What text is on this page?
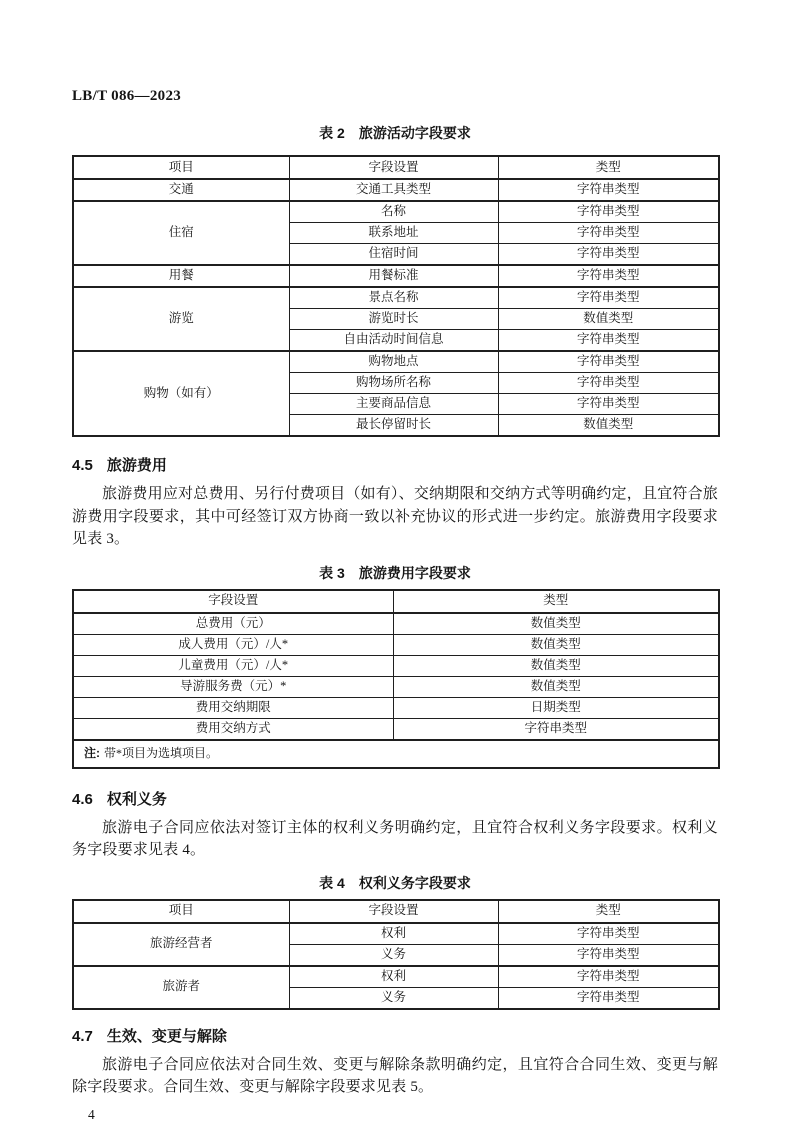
LB/T 086—2023
表 2 旅游活动字段要求
项目	字段设置	类型
交通	交通工具类型	字符串类型
住宿	名称	字符串类型
	联系地址	字符串类型
	住宿时间	字符串类型
用餐	用餐标准	字符串类型
游览	景点名称	字符串类型
	游览时长	数值类型
	自由活动时间信息	字符串类型
购物（如有）	购物地点	字符串类型
	购物场所名称	字符串类型
	主要商品信息	字符串类型
	最长停留时长	数值类型
4.5 旅游费用

旅游费用应对总费用、另行付费项目（如有）、交纳期限和交纳方式等明确约定，且宜符合旅游费用字段要求，其中可经签订双方协商一致以补充协议的形式进一步约定。旅游费用字段要求见表 3。

表 3 旅游费用字段要求
字段设置	类型
总费用（元）	数值类型
成人费用（元）/人*	数值类型
儿童费用（元）/人*	数值类型
导游服务费（元）*	数值类型
费用交纳期限	日期类型
费用交纳方式	字符串类型
注: 带*项目为选填项目。	
4.6 权利义务

旅游电子合同应依法对签订主体的权利义务明确约定，且宜符合权利义务字段要求。权利义务字段要求见表 4。

表 4 权利义务字段要求
项目	字段设置	类型
旅游经营者	权利	字符串类型
	义务	字符串类型
旅游者	权利	字符串类型
	义务	字符串类型
4.7 生效、变更与解除

旅游电子合同应依法对合同生效、变更与解除条款明确约定，且宜符合合同生效、变更与解除字段要求。合同生效、变更与解除字段要求见表 5。

4
